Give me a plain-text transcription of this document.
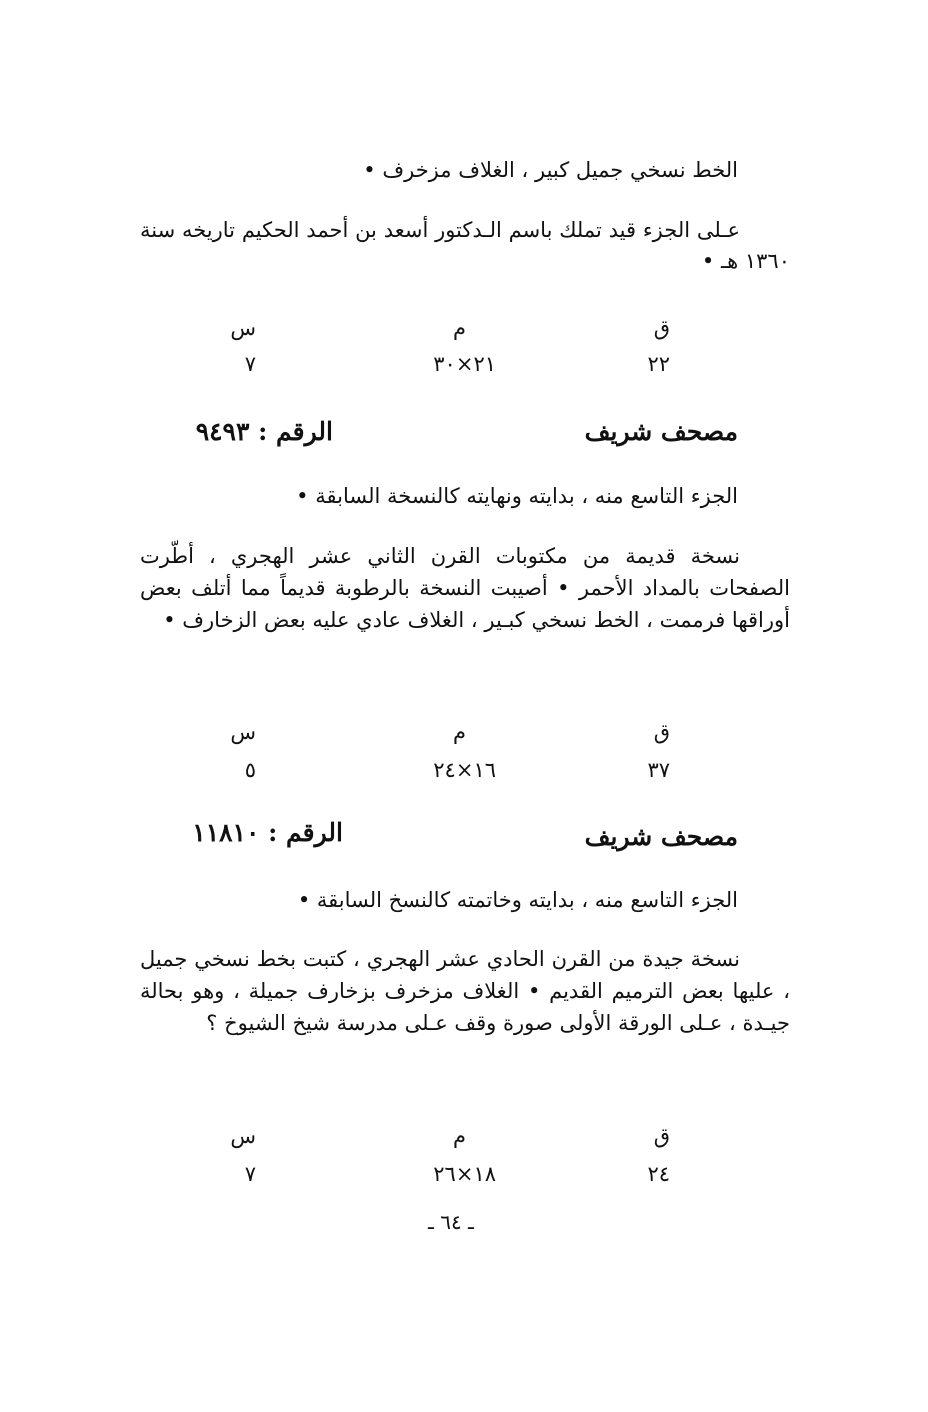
الخط نسخي جميل كبير ، الغلاف مزخرف •
عـلى الجزء قيد تملك باسم الـدكتور أسعد بن أحمد الحكيم تاريخه سنة ١٣٦٠ هـ •
ق
م
س
٢٢
٢١×٣٠
٧
مصحف شريف
الرقم : ٩٤٩٣
الجزء التاسع منه ، بدايته ونهايته كالنسخة السابقة •
نسخة قديمة من مكتوبات القرن الثاني عشر الهجري ، أطّرت الصفحات بالمداد الأحمر • أصيبت النسخة بالرطوبة قديماً مما أتلف بعض أوراقها فرممت ، الخط نسخي كبـير ، الغلاف عادي عليه بعض الزخارف •
ق
م
س
٣٧
١٦×٢٤
٥
مصحف شريف
الرقم : ١١٨١٠
الجزء التاسع منه ، بدايته وخاتمته كالنسخ السابقة •
نسخة جيدة من القرن الحادي عشر الهجري ، كتبت بخط نسخي جميل ، عليها بعض الترميم القديم • الغلاف مزخرف بزخارف جميلة ، وهو بحالة جيـدة ، عـلى الورقة الأولى صورة وقف عـلى مدرسة شيخ الشيوخ ؟
ق
م
س
٢٤
١٨×٢٦
٧
ـ ٦٤ ـ
